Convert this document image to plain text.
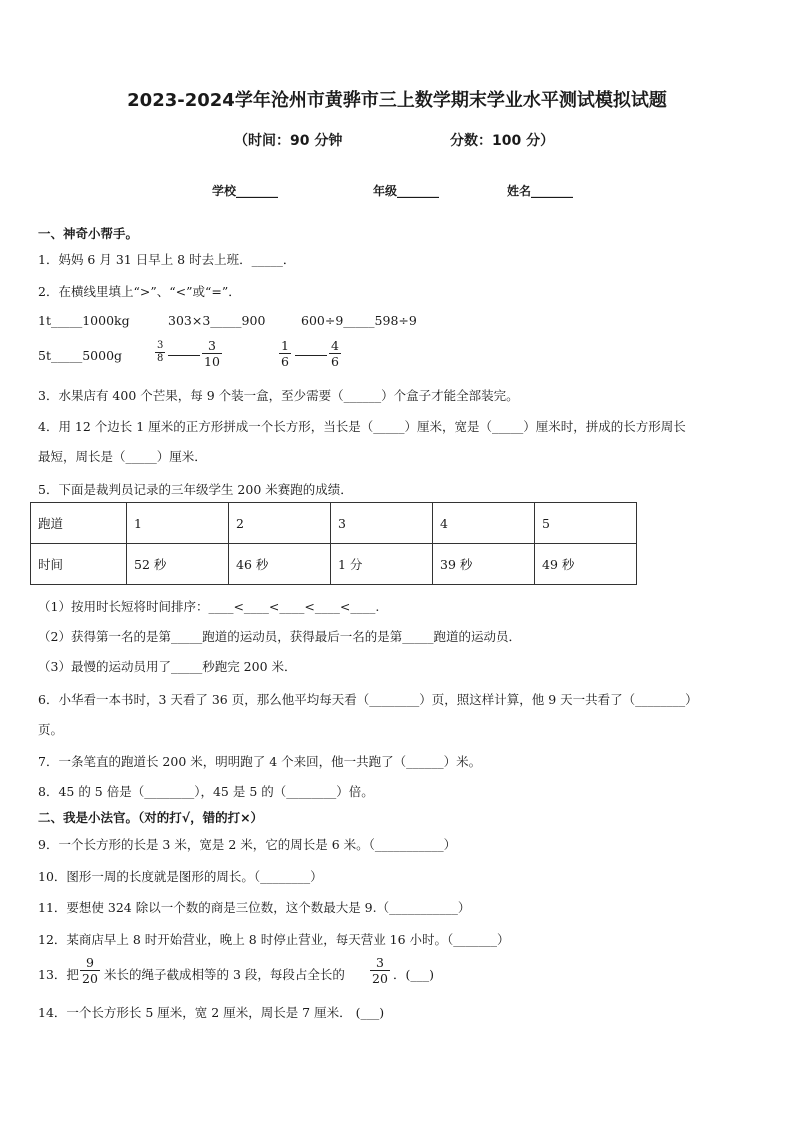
2023-2024学年沧州市黄骅市三上数学期末学业水平测试模拟试题
（时间：90 分钟	分数：100 分）
学校_______	年级_______	姓名_______
一、神奇小帮手。
1．妈妈 6 月 31 日早上 8 时去上班．_____．
2．在横线里填上“>”、“<”或“=”．
1t_____1000kg	303×3_____900	600÷9_____598÷9
5t_____5000g	$\frac{3}{8}$	$\frac{3}{10}$	$\frac{1}{6}$	$\frac{4}{6}$
3．水果店有 400 个芒果，每 9 个装一盒，至少需要（______）个盒子才能全部装完。
4．用 12 个边长 1 厘米的正方形拼成一个长方形，当长是（_____）厘米，宽是（_____）厘米时，拼成的长方形周长
最短，周长是（_____）厘米．
5．下面是裁判员记录的三年级学生 200 米赛跑的成绩．
跑道	1	2	3	4	5
时间	52 秒	46 秒	1 分	39 秒	49 秒
（1）按用时长短将时间排序：____<____<____<____<____.
（2）获得第一名的是第_____跑道的运动员，获得最后一名的是第_____跑道的运动员．
（3）最慢的运动员用了_____秒跑完 200 米．
6．小华看一本书时，3 天看了 36 页，那么他平均每天看（________）页，照这样计算，他 9 天一共看了（________）
页。
7．一条笔直的跑道长 200 米，明明跑了 4 个来回，他一共跑了（______）米。
8．45 的 5 倍是（________），45 是 5 的（________）倍。
二、我是小法官。（对的打√，错的打×）
9．一个长方形的长是 3 米，宽是 2 米，它的周长是 6 米。（___________）
10．图形一周的长度就是图形的周长。（________）
11．要想使 324 除以一个数的商是三位数，这个数最大是 9.（___________）
12．某商店早上 8 时开始营业，晚上 8 时停止营业，每天营业 16 小时。（_______）
13．把 $\frac{9}{20}$ 米长的绳子截成相等的 3 段，每段占全长的 $\frac{3}{20}$ ．(___)
14．一个长方形长 5 厘米，宽 2 厘米，周长是 7 厘米． (___)
